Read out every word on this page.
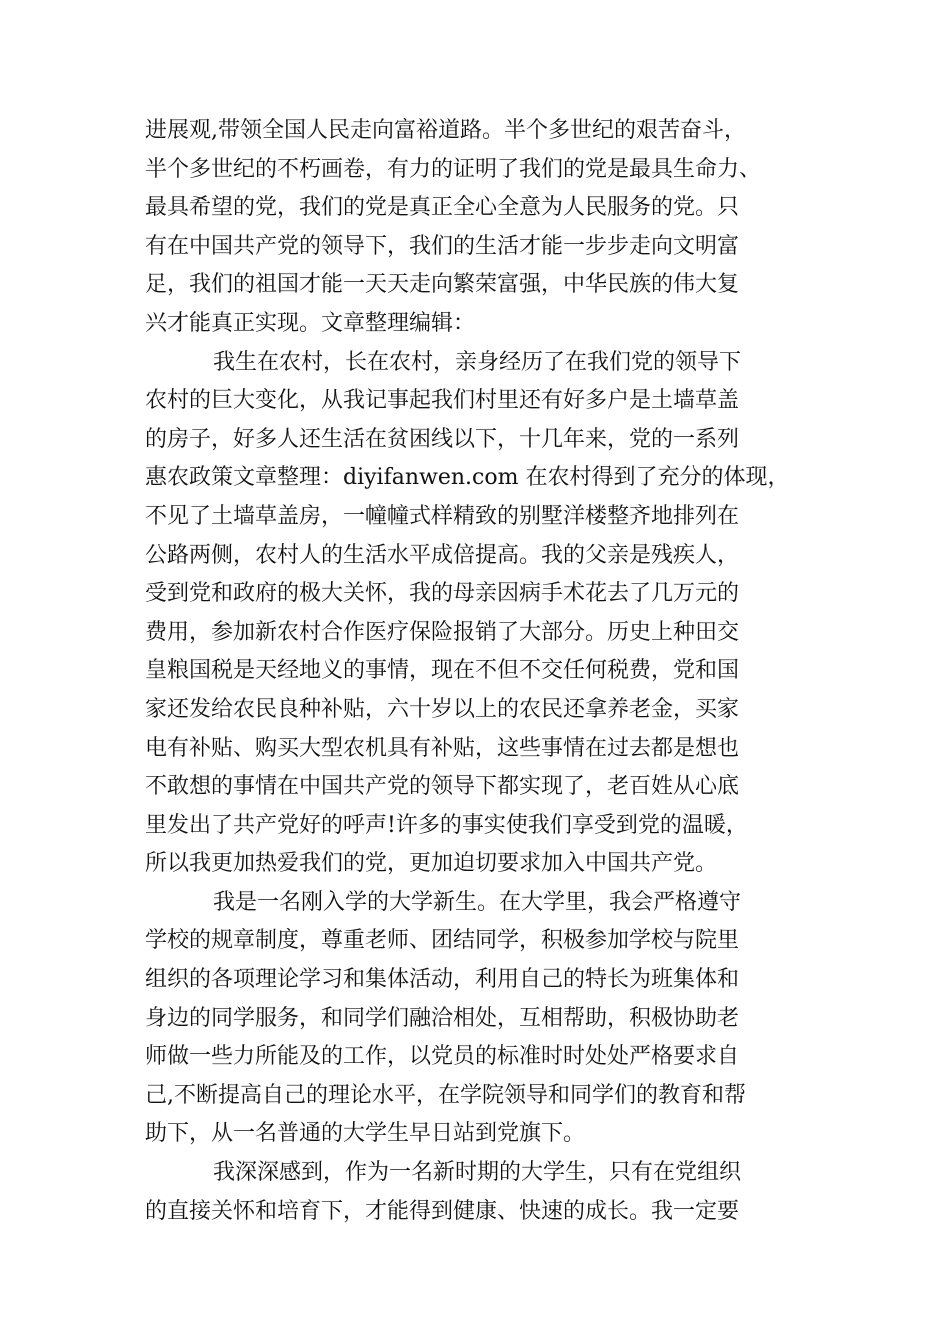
进展观,带领全国人民走向富裕道路。半个多世纪的艰苦奋斗，
半个多世纪的不朽画卷，有力的证明了我们的党是最具生命力、
最具希望的党，我们的党是真正全心全意为人民服务的党。只
有在中国共产党的领导下，我们的生活才能一步步走向文明富
足，我们的祖国才能一天天走向繁荣富强，中华民族的伟大复
兴才能真正实现。文章整理编辑：
我生在农村，长在农村，亲身经历了在我们党的领导下
农村的巨大变化，从我记事起我们村里还有好多户是土墙草盖
的房子，好多人还生活在贫困线以下，十几年来，党的一系列
惠农政策文章整理：diyifanwen.com 在农村得到了充分的体现，
不见了土墙草盖房，一幢幢式样精致的别墅洋楼整齐地排列在
公路两侧，农村人的生活水平成倍提高。我的父亲是残疾人，
受到党和政府的极大关怀，我的母亲因病手术花去了几万元的
费用，参加新农村合作医疗保险报销了大部分。历史上种田交
皇粮国税是天经地义的事情，现在不但不交任何税费，党和国
家还发给农民良种补贴，六十岁以上的农民还拿养老金，买家
电有补贴、购买大型农机具有补贴，这些事情在过去都是想也
不敢想的事情在中国共产党的领导下都实现了，老百姓从心底
里发出了共产党好的呼声!许多的事实使我们享受到党的温暖，
所以我更加热爱我们的党，更加迫切要求加入中国共产党。
我是一名刚入学的大学新生。在大学里，我会严格遵守
学校的规章制度，尊重老师、团结同学，积极参加学校与院里
组织的各项理论学习和集体活动，利用自己的特长为班集体和
身边的同学服务，和同学们融洽相处，互相帮助，积极协助老
师做一些力所能及的工作，以党员的标准时时处处严格要求自
己,不断提高自己的理论水平，在学院领导和同学们的教育和帮
助下，从一名普通的大学生早日站到党旗下。
我深深感到，作为一名新时期的大学生，只有在党组织
的直接关怀和培育下，才能得到健康、快速的成长。我一定要
